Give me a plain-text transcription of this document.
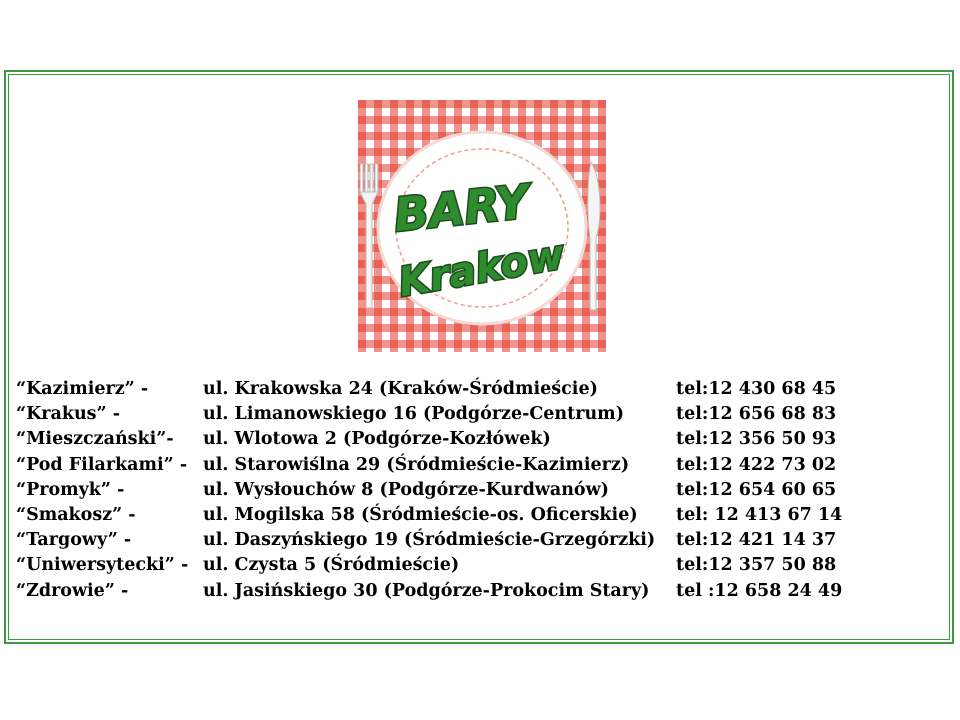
BARY
Krakow
“Kazimierz” -	ul. Krakowska 24 (Kraków-Śródmieście)	tel:12 430 68 45
“Krakus” -	ul. Limanowskiego 16 (Podgórze-Centrum)	tel:12 656 68 83
“Mieszczański”- ul. Wlotowa 2 (Podgórze-Kozłówek)	tel:12 356 50 93
“Pod Filarkami” - ul. Starowiślna 29 (Śródmieście-Kazimierz)	tel:12 422 73 02
“Promyk” -	ul. Wysłouchów 8 (Podgórze-Kurdwanów)	tel:12 654 60 65
“Smakosz” -	ul. Mogilska 58 (Śródmieście-os. Oficerskie) tel: 12 413 67 14
“Targowy” -	ul. Daszyńskiego 19 (Śródmieście-Grzegórzki) tel:12 421 14 37
“Uniwersytecki” - ul. Czysta 5 (Śródmieście)	tel:12 357 50 88
“Zdrowie” -	ul. Jasińskiego 30 (Podgórze-Prokocim Stary) tel :12 658 24 49
